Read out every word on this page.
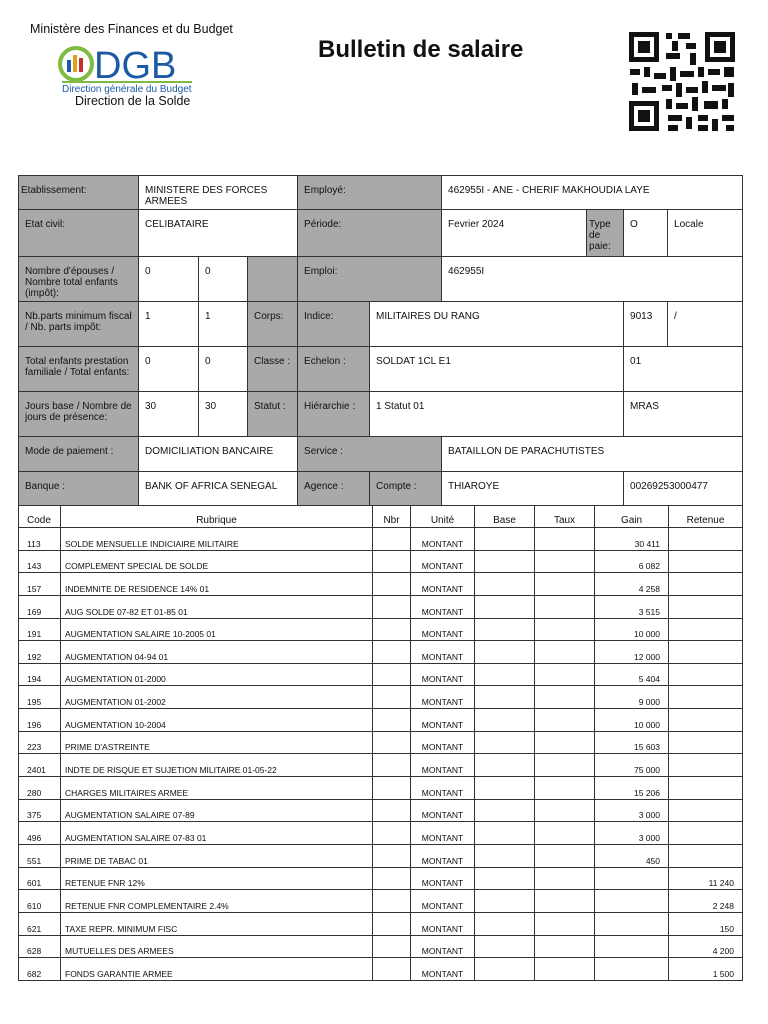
Ministère des Finances et du Budget
DGB
Direction générale du Budget
Direction de la Solde
Bulletin de salaire
Etablissement:	MINISTERE DES FORCES ARMEES			Employé:		462955I - ANE - CHERIF MAKHOUDIA LAYE			
Etat civil:	CELIBATAIRE			Période:		Fevrier 2024	Type de paie:	O	Locale
Nombre d'épouses / Nombre total enfants (impôt):	0	0		Emploi:		462955I			
Nb.parts minimum fiscal / Nb. parts impôt:	1	1	Corps:	Indice:	MILITAIRES DU RANG			9013	/
Total enfants prestation familiale / Total enfants:	0	0	Classe :	Echelon :	SOLDAT 1CL E1			01	
Jours base / Nombre de jours de présence:	30	30	Statut :	Hiérarchie :	1 Statut 01			MRAS	
Mode de paiement :	DOMICILIATION BANCAIRE			Service :		BATAILLON DE PARACHUTISTES			
Banque :	BANK OF AFRICA SENEGAL			Agence :	Compte :	THIAROYE		00269253000477	
Code	Rubrique	Nbr	Unité	Base	Taux	Gain	Retenue
113	SOLDE MENSUELLE INDICIAIRE MILITAIRE		MONTANT			30 411	
143	COMPLEMENT SPECIAL DE SOLDE		MONTANT			6 082	
157	INDEMNITE DE RESIDENCE 14% 01		MONTANT			4 258	
169	AUG SOLDE 07-82 ET 01-85 01		MONTANT			3 515	
191	AUGMENTATION SALAIRE 10-2005 01		MONTANT			10 000	
192	AUGMENTATION 04-94 01		MONTANT			12 000	
194	AUGMENTATION 01-2000		MONTANT			5 404	
195	AUGMENTATION 01-2002		MONTANT			9 000	
196	AUGMENTATION 10-2004		MONTANT			10 000	
223	PRIME D'ASTREINTE		MONTANT			15 603	
2401	INDTE DE RISQUE ET SUJETION MILITAIRE 01-05-22		MONTANT			75 000	
280	CHARGES MILITAIRES ARMEE		MONTANT			15 206	
375	AUGMENTATION SALAIRE 07-89		MONTANT			3 000	
496	AUGMENTATION SALAIRE 07-83 01		MONTANT			3 000	
551	PRIME DE TABAC 01		MONTANT			450	
601	RETENUE FNR 12%		MONTANT				11 240
610	RETENUE FNR COMPLEMENTAIRE 2.4%		MONTANT				2 248
621	TAXE REPR. MINIMUM FISC		MONTANT				150
628	MUTUELLES DES ARMEES		MONTANT				4 200
682	FONDS GARANTIE ARMEE		MONTANT				1 500
